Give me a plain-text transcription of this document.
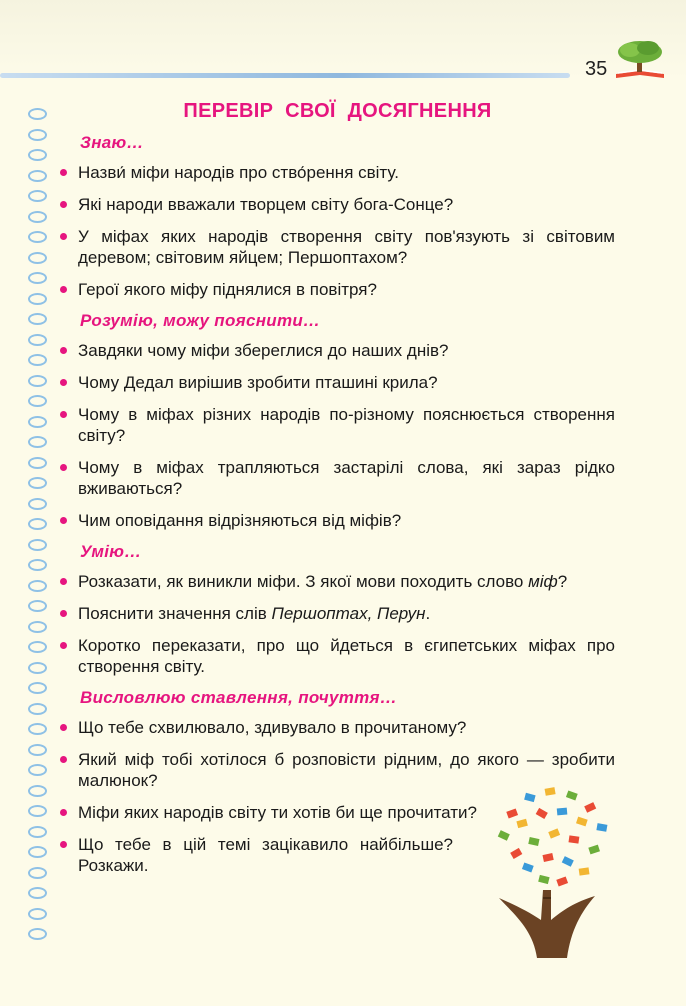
35
ПЕРЕВІР СВОЇ ДОСЯГНЕННЯ
Знаю…
Назви́ міфи народів про ство́рення світу.
Які народи вважали творцем світу бога-Сонце?
У міфах яких народів створення світу пов'язують зі світовим деревом; світовим яйцем; Першоптахом?
Герої якого міфу піднялися в повітря?
Розумію, можу пояснити…
Завдяки чому міфи збереглися до наших днів?
Чому Дедал вирішив зробити пташині крила?
Чому в міфах різних народів по-різному пояснюється створення світу?
Чому в міфах трапляються застарілі слова, які зараз рідко вживаються?
Чим оповідання відрізняються від міфів?
Умію…
Розказати, як виникли міфи. З якої мови походить слово міф?
Пояснити значення слів Першоптах, Перун.
Коротко переказати, про що йдеться в єгипетських міфах про створення світу.
Висловлюю ставлення, почуття…
Що тебе схвилювало, здивувало в прочитаному?
Який міф тобі хотілося б розповісти рідним, до якого — зробити малюнок?
Міфи яких народів світу ти хотів би ще прочитати?
Що тебе в цій темі зацікавило найбільше? Розкажи.
